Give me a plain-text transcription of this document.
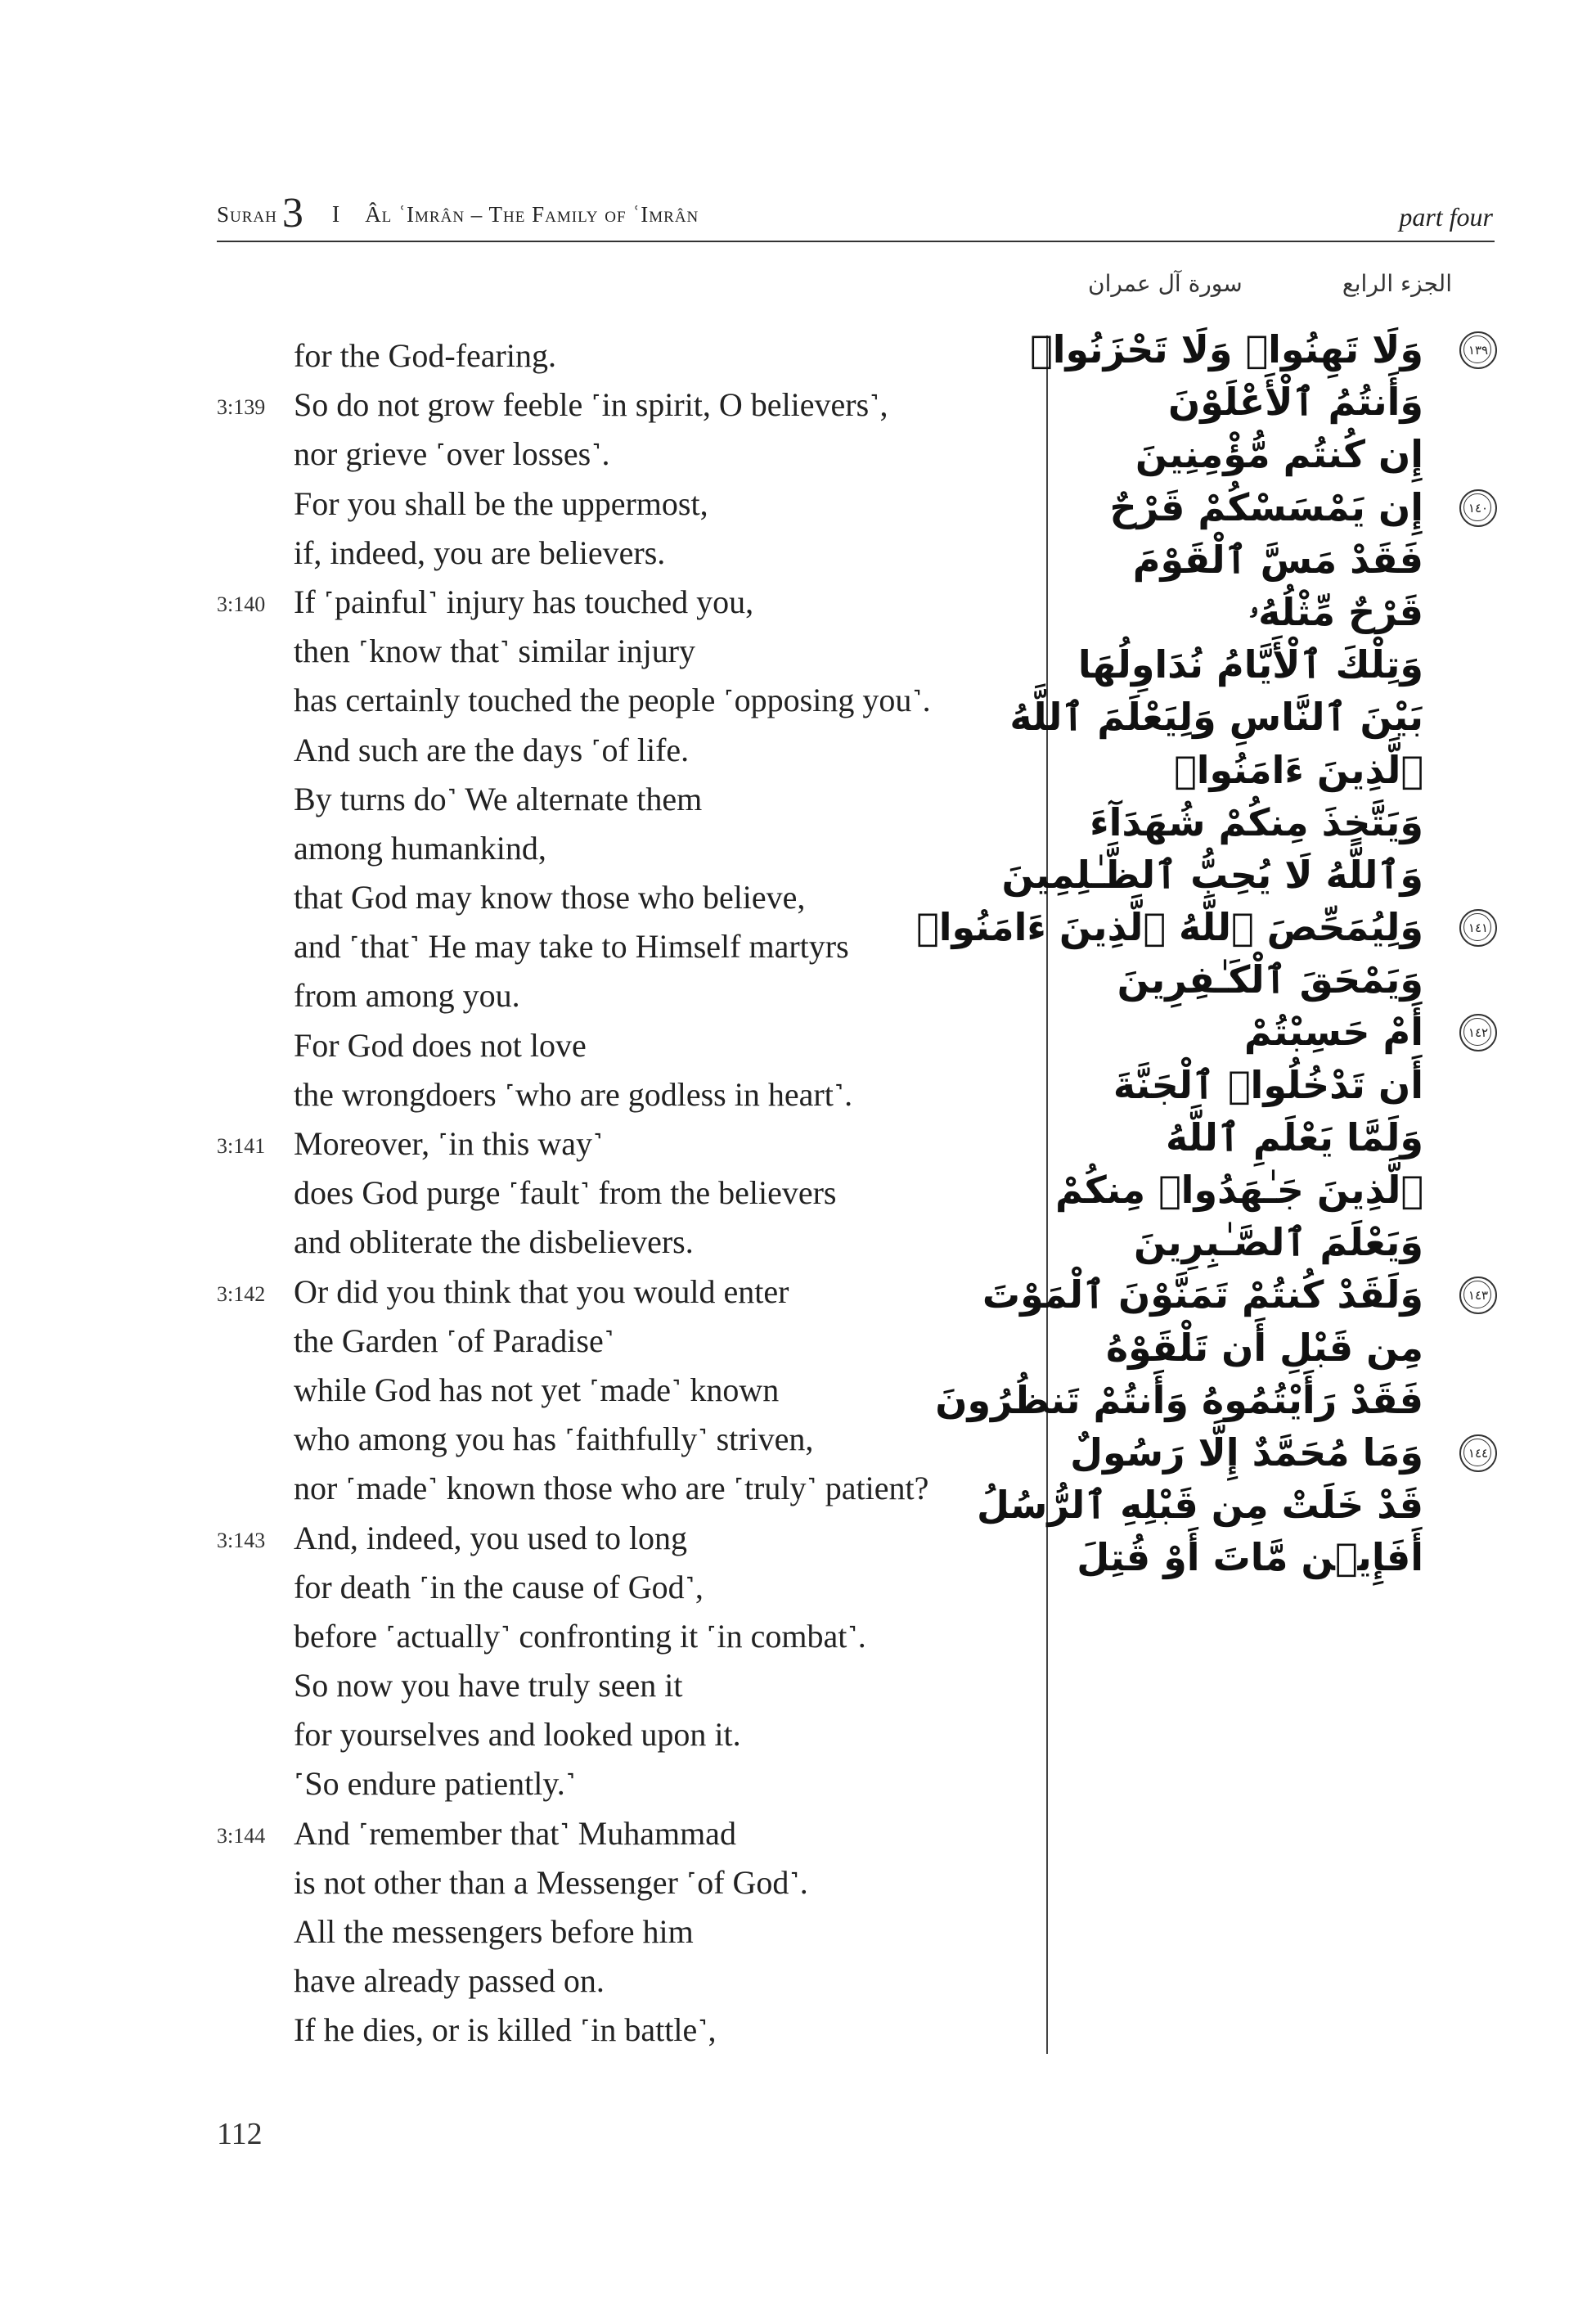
Surah 3 I Âl ʿImrân – The Family of ʿImrân	part four
الجزء الرابع
سورة آل عمران
for the God-fearing.
3:139 So do not grow feeble ˹in spirit, O believers˺,
nor grieve ˹over losses˺.
For you shall be the uppermost,
if, indeed, you are believers.
3:140 If ˹painful˺ injury has touched you,
then ˹know that˺ similar injury
has certainly touched the people ˹opposing you˺.
And such are the days ˹of life.
By turns do˺ We alternate them
among humankind,
that God may know those who believe,
and ˹that˺ He may take to Himself martyrs
from among you.
For God does not love
the wrongdoers ˹who are godless in heart˺.
3:141 Moreover, ˹in this way˺
does God purge ˹fault˺ from the believers
and obliterate the disbelievers.
3:142 Or did you think that you would enter
the Garden ˹of Paradise˺
while God has not yet ˹made˺ known
who among you has ˹faithfully˺ striven,
nor ˹made˺ known those who are ˹truly˺ patient?
3:143 And, indeed, you used to long
for death ˹in the cause of God˺,
before ˹actually˺ confronting it ˹in combat˺.
So now you have truly seen it
for yourselves and looked upon it.
˹So endure patiently.˺
3:144 And ˹remember that˺ Muhammad
is not other than a Messenger ˹of God˺.
All the messengers before him
have already passed on.
If he dies, or is killed ˹in battle˺,
١٣٩
وَلَا تَهِنُوا۟ وَلَا تَحْزَنُوا۟
وَأَنتُمُ ٱلْأَعْلَوْنَ
إِن كُنتُم مُّؤْمِنِينَ
١٤٠
إِن يَمْسَسْكُمْ قَرْحٌ
فَقَدْ مَسَّ ٱلْقَوْمَ
قَرْحٌ مِّثْلُهُۥ
وَتِلْكَ ٱلْأَيَّامُ نُدَاوِلُهَا
بَيْنَ ٱلنَّاسِ وَلِيَعْلَمَ ٱللَّهُ
ٱلَّذِينَ ءَامَنُوا۟
وَيَتَّخِذَ مِنكُمْ شُهَدَآءَ
وَٱللَّهُ لَا يُحِبُّ ٱلظَّـٰلِمِينَ
١٤١
وَلِيُمَحِّصَ ٱللَّهُ ٱلَّذِينَ ءَامَنُوا۟
وَيَمْحَقَ ٱلْكَـٰفِرِينَ
١٤٢
أَمْ حَسِبْتُمْ
أَن تَدْخُلُوا۟ ٱلْجَنَّةَ
وَلَمَّا يَعْلَمِ ٱللَّهُ
ٱلَّذِينَ جَـٰهَدُوا۟ مِنكُمْ
وَيَعْلَمَ ٱلصَّـٰبِرِينَ
١٤٣
وَلَقَدْ كُنتُمْ تَمَنَّوْنَ ٱلْمَوْتَ
مِن قَبْلِ أَن تَلْقَوْهُ
فَقَدْ رَأَيْتُمُوهُ وَأَنتُمْ تَنظُرُونَ
١٤٤
وَمَا مُحَمَّدٌ إِلَّا رَسُولٌ
قَدْ خَلَتْ مِن قَبْلِهِ ٱلرُّسُلُ
أَفَإِي۟ن مَّاتَ أَوْ قُتِلَ
112
